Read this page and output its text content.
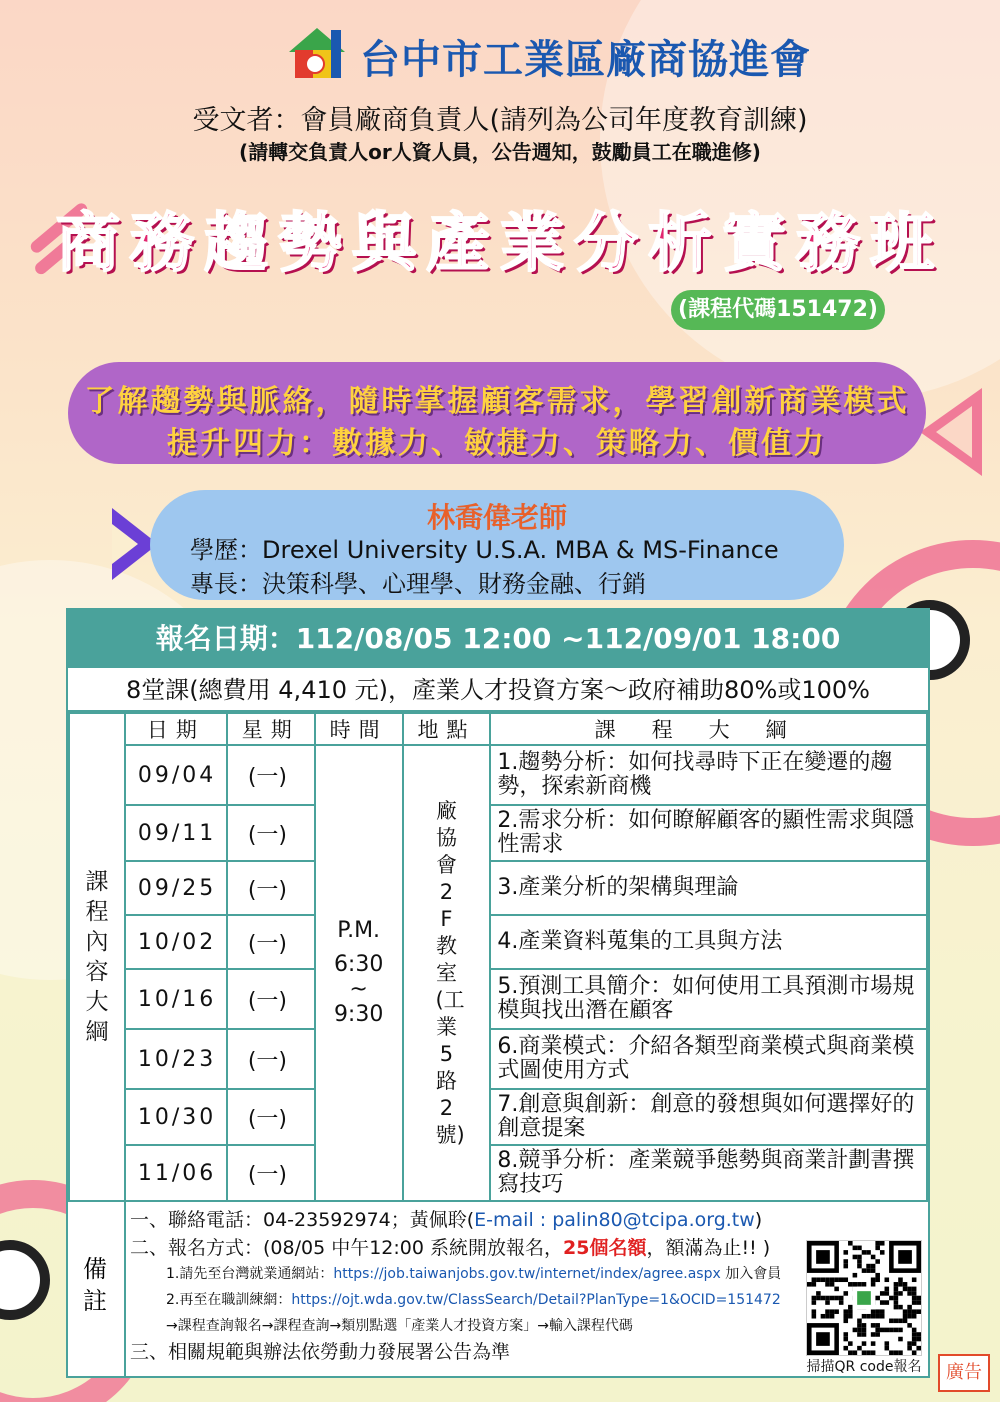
台中市工業區廠商協進會
受文者：會員廠商負責人(請列為公司年度教育訓練)
(請轉交負責人or人資人員，公告週知，鼓勵員工在職進修)
商務趨勢與產業分析實務班
(課程代碼151472)
了解趨勢與脈絡，隨時掌握顧客需求，學習創新商業模式
提升四力：數據力、敏捷力、策略力、價值力
林喬偉老師
學歷：Drexel University U.S.A. MBA & MS-Finance
專長：決策科學、心理學、財務金融、行銷
報名日期：112/08/05 12:00 ~112/09/01 18:00
8堂課(總費用 4,410 元)，產業人才投資方案～政府補助80%或100%
課程內容大綱	日期	星期	時間	地點	課程大綱
	09/04	(一)	P.M.
6:30
~
9:30	廠協會2F教室(工業5路2號)	1.趨勢分析：如何找尋時下正在變遷的趨勢，探索新商機
	09/11	(一)			2.需求分析：如何瞭解顧客的顯性需求與隱性需求
	09/25	(一)			3.產業分析的架構與理論
	10/02	(一)			4.產業資料蒐集的工具與方法
	10/16	(一)			5.預測工具簡介：如何使用工具預測市場規模與找出潛在顧客
	10/23	(一)			6.商業模式：介紹各類型商業模式與商業模式圖使用方式
	10/30	(一)			7.創意與創新：創意的發想與如何選擇好的創意提案
	11/06	(一)			8.競爭分析：產業競爭態勢與商業計劃書撰寫技巧
備註
一、聯絡電話：04-23592974；黃佩聆(E-mail : palin80@tcipa.org.tw)
二、報名方式：(08/05 中午12:00 系統開放報名，25個名額，額滿為止!! )
1.請先至台灣就業通網站：https://job.taiwanjobs.gov.tw/internet/index/agree.aspx 加入會員
2.再至在職訓練網：https://ojt.wda.gov.tw/ClassSearch/Detail?PlanType=1&OCID=151472
→課程查詢報名→課程查詢→類別點選「產業人才投資方案」→輸入課程代碼
三、相關規範與辦法依勞動力發展署公告為準
掃描QR code報名	廣告
